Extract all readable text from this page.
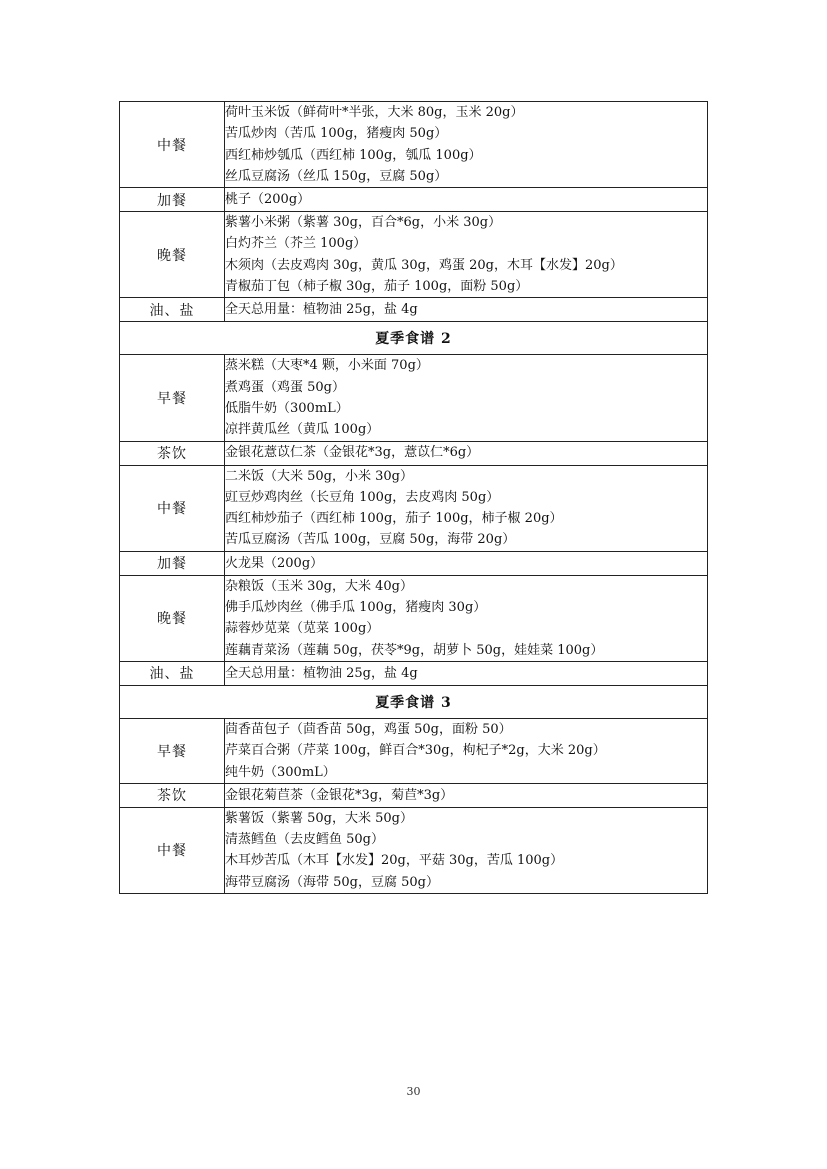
中餐	荷叶玉米饭（鲜荷叶*半张，大米 80g，玉米 20g）
苦瓜炒肉（苦瓜 100g，猪瘦肉 50g）
西红柿炒瓠瓜（西红柿 100g，瓠瓜 100g）
丝瓜豆腐汤（丝瓜 150g，豆腐 50g）

加餐	桃子（200g）

晚餐	紫薯小米粥（紫薯 30g，百合*6g，小米 30g）
白灼芥兰（芥兰 100g）
木须肉（去皮鸡肉 30g，黄瓜 30g，鸡蛋 20g，木耳【水发】20g）
青椒茄丁包（柿子椒 30g，茄子 100g，面粉 50g）

油、盐	全天总用量：植物油 25g，盐 4g

夏季食谱 2	
早餐	蒸米糕（大枣*4 颗，小米面 70g）
煮鸡蛋（鸡蛋 50g）
低脂牛奶（300mL）
凉拌黄瓜丝（黄瓜 100g）

茶饮	金银花薏苡仁茶（金银花*3g，薏苡仁*6g）

中餐	二米饭（大米 50g，小米 30g）
豇豆炒鸡肉丝（长豆角 100g，去皮鸡肉 50g）
西红柿炒茄子（西红柿 100g，茄子 100g，柿子椒 20g）
苦瓜豆腐汤（苦瓜 100g，豆腐 50g，海带 20g）

加餐	火龙果（200g）

晚餐	杂粮饭（玉米 30g，大米 40g）
佛手瓜炒肉丝（佛手瓜 100g，猪瘦肉 30g）
蒜蓉炒苋菜（苋菜 100g）
莲藕青菜汤（莲藕 50g，茯苓*9g，胡萝卜 50g，娃娃菜 100g）

油、盐	全天总用量：植物油 25g，盐 4g

夏季食谱 3	
早餐	茴香苗包子（茴香苗 50g，鸡蛋 50g，面粉 50）
芹菜百合粥（芹菜 100g，鲜百合*30g，枸杞子*2g，大米 20g）
纯牛奶（300mL）

茶饮	金银花菊苣茶（金银花*3g，菊苣*3g）

中餐	紫薯饭（紫薯 50g，大米 50g）
清蒸鳕鱼（去皮鳕鱼 50g）
木耳炒苦瓜（木耳【水发】20g，平菇 30g，苦瓜 100g）
海带豆腐汤（海带 50g，豆腐 50g）
30
